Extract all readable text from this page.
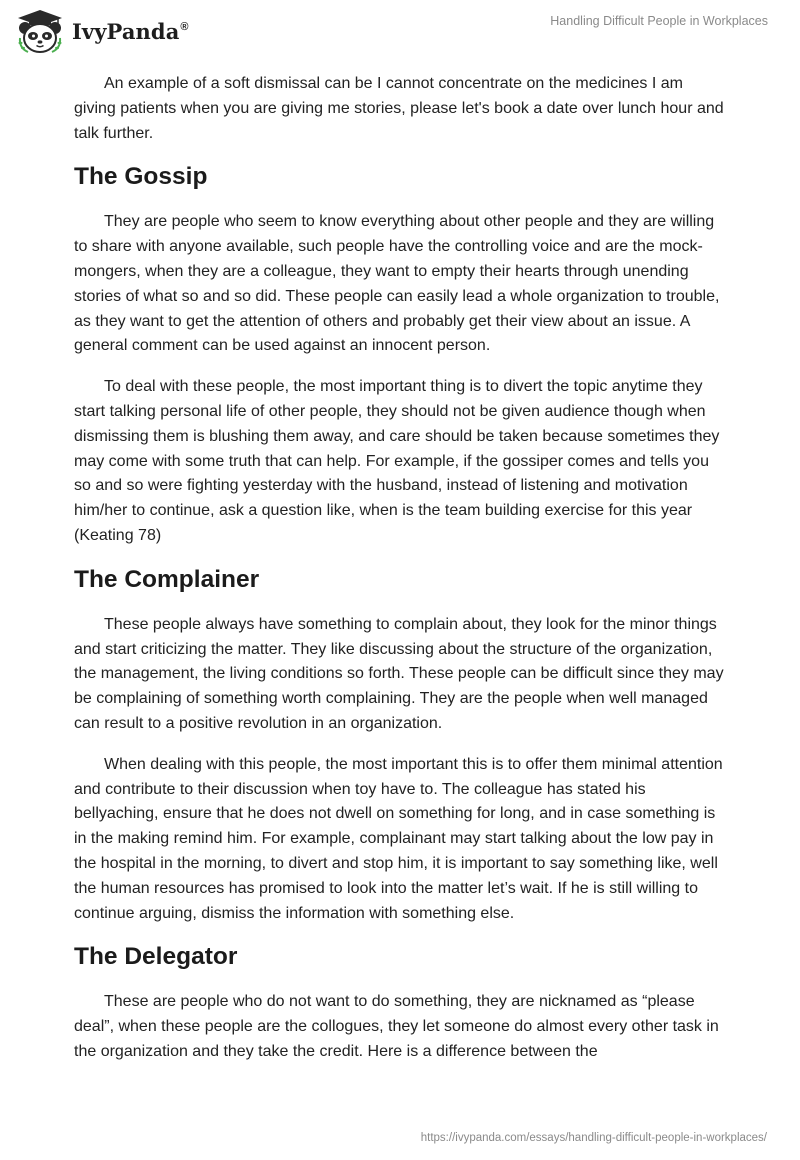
IvyPanda®	Handling Difficult People in Workplaces

An example of a soft dismissal can be I cannot concentrate on the medicines I am giving patients when you are giving me stories, please let's book a date over lunch hour and talk further.

The Gossip

They are people who seem to know everything about other people and they are willing to share with anyone available, such people have the controlling voice and are the mock-mongers, when they are a colleague, they want to empty their hearts through unending stories of what so and so did. These people can easily lead a whole organization to trouble, as they want to get the attention of others and probably get their view about an issue. A general comment can be used against an innocent person.

To deal with these people, the most important thing is to divert the topic anytime they start talking personal life of other people, they should not be given audience though when dismissing them is blushing them away, and care should be taken because sometimes they may come with some truth that can help. For example, if the gossiper comes and tells you so and so were fighting yesterday with the husband, instead of listening and motivation him/her to continue, ask a question like, when is the team building exercise for this year (Keating 78)

The Complainer

These people always have something to complain about, they look for the minor things and start criticizing the matter. They like discussing about the structure of the organization, the management, the living conditions so forth. These people can be difficult since they may be complaining of something worth complaining. They are the people when well managed can result to a positive revolution in an organization.

When dealing with this people, the most important this is to offer them minimal attention and contribute to their discussion when toy have to. The colleague has stated his bellyaching, ensure that he does not dwell on something for long, and in case something is in the making remind him. For example, complainant may start talking about the low pay in the hospital in the morning, to divert and stop him, it is important to say something like, well the human resources has promised to look into the matter let’s wait. If he is still willing to continue arguing, dismiss the information with something else.

The Delegator

These are people who do not want to do something, they are nicknamed as “please deal”, when these people are the collogues, they let someone do almost every other task in the organization and they take the credit. Here is a difference between the

https://ivypanda.com/essays/handling-difficult-people-in-workplaces/
